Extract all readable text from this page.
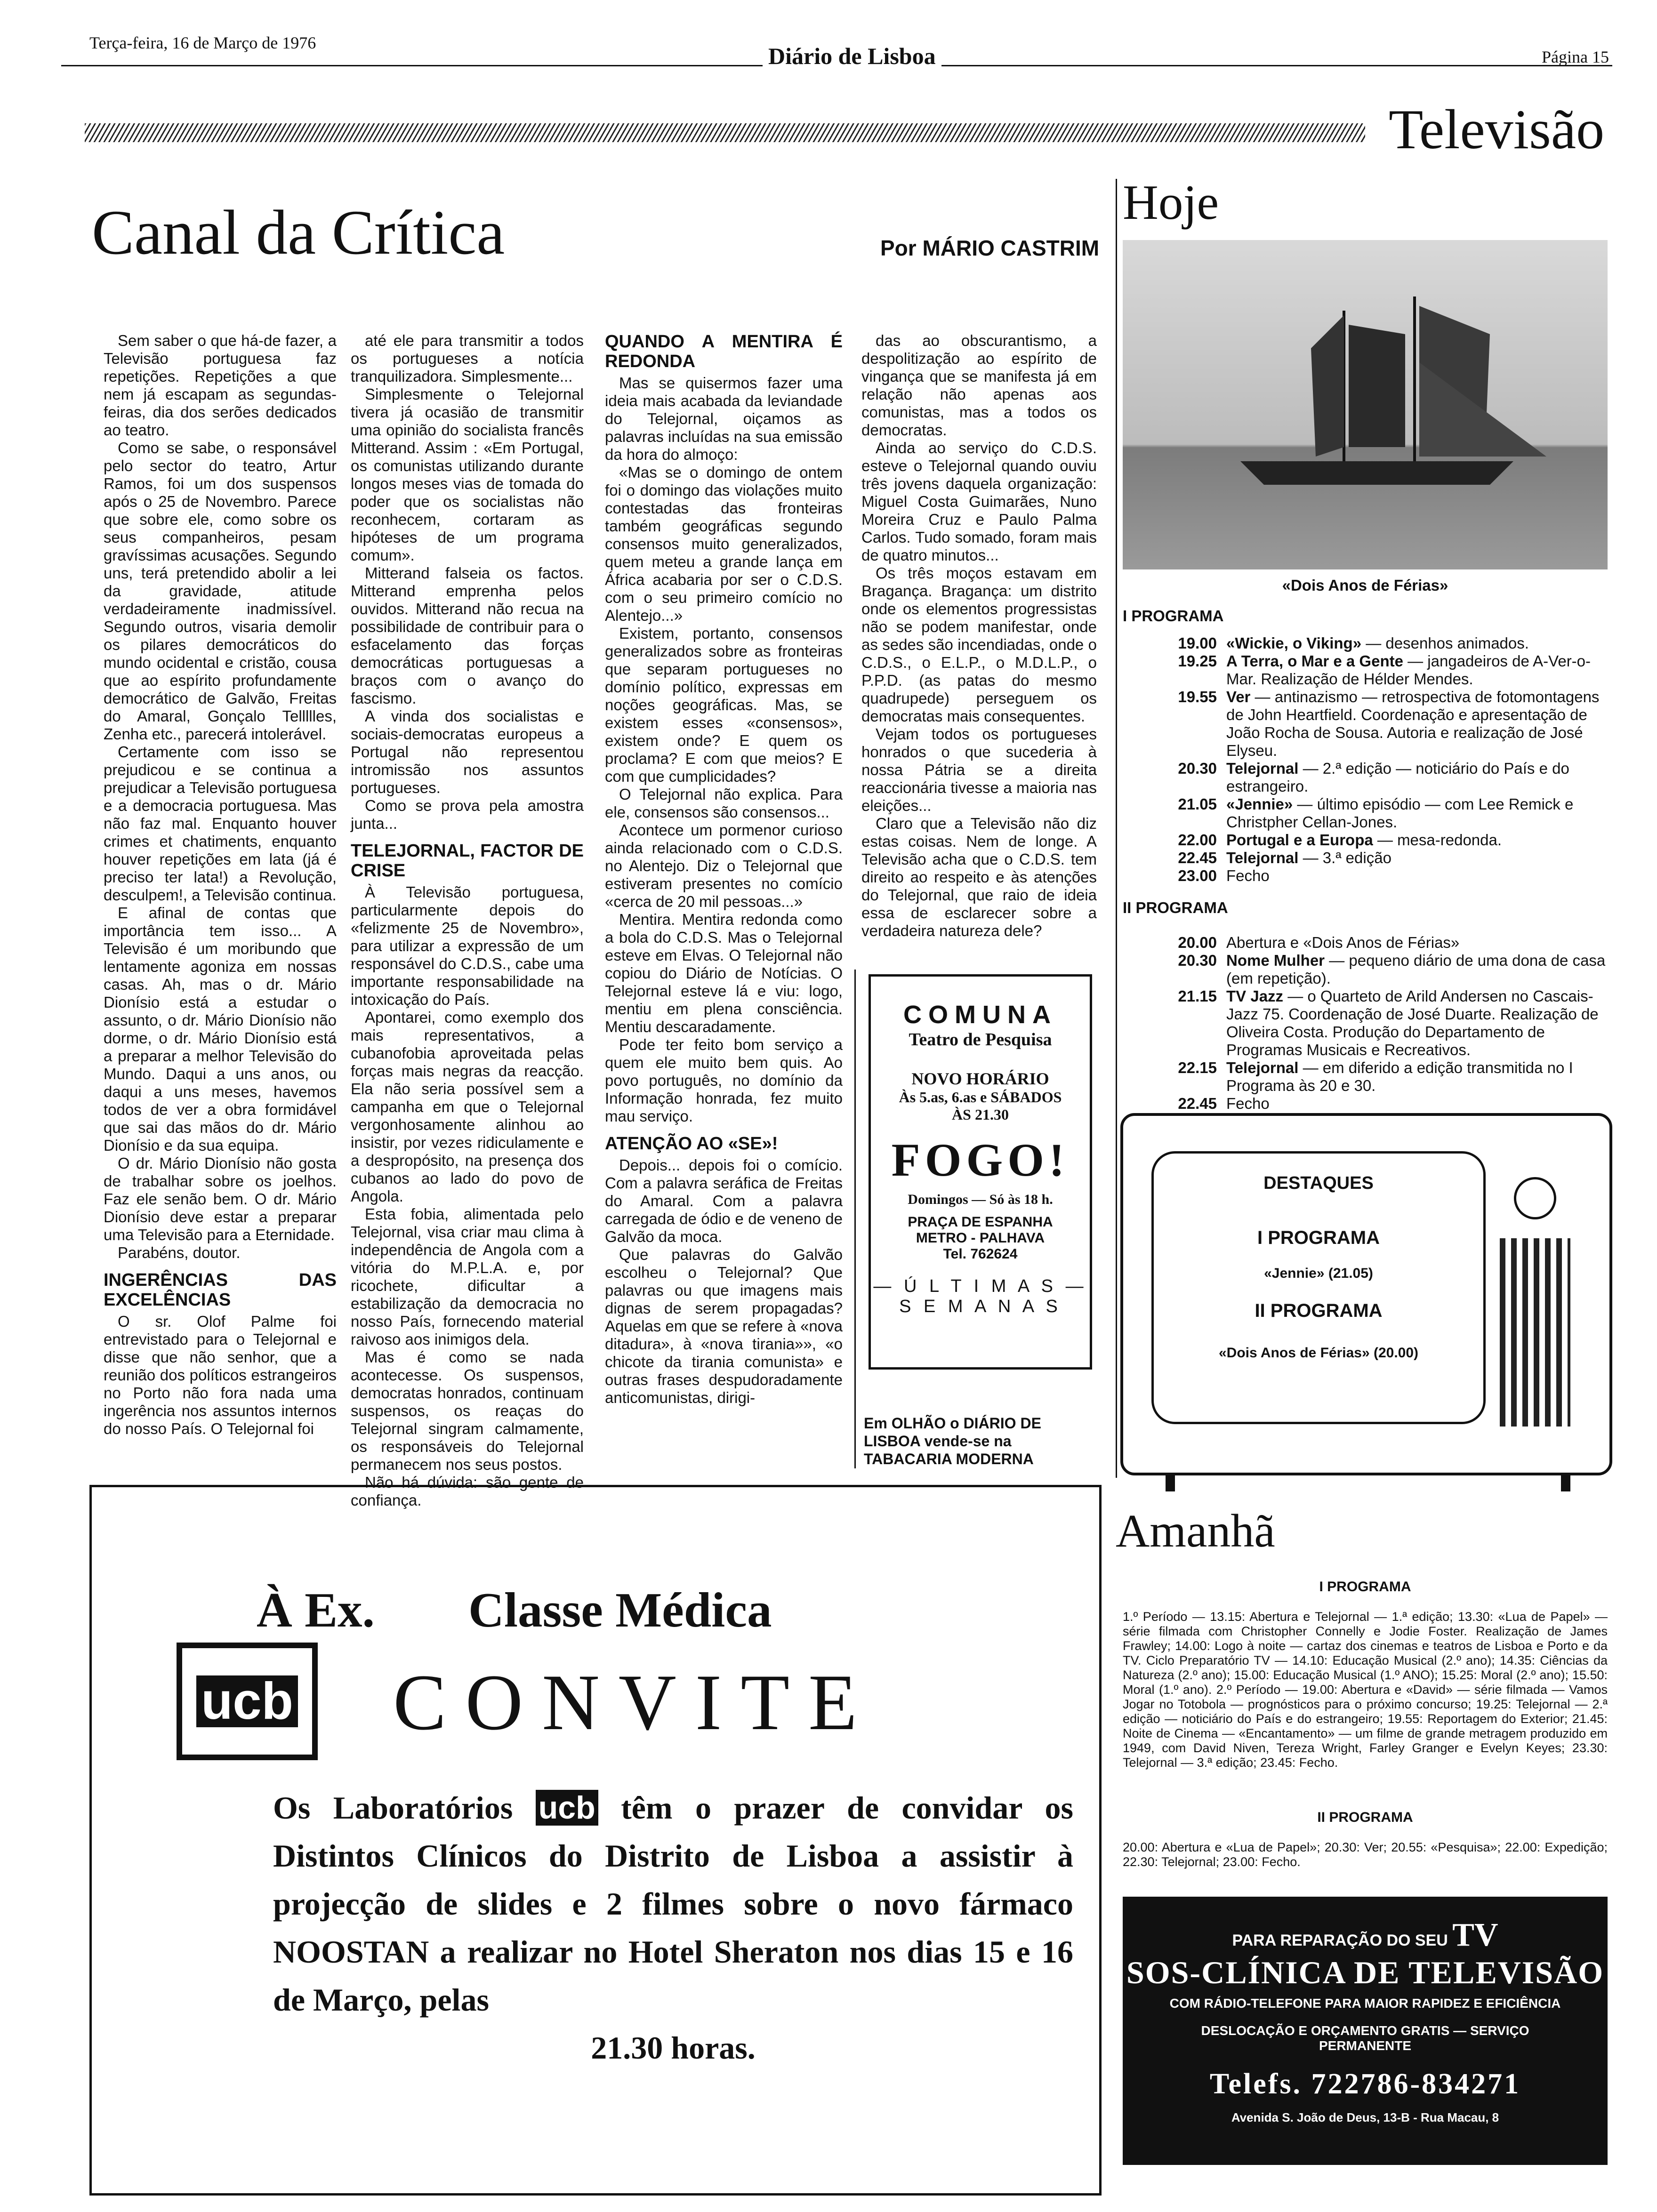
Terça-feira, 16 de Março de 1976	Diário de Lisboa	Página 15
Televisão
Canal da Crítica	Por MÁRIO CASTRIM

Sem saber o que há-de fazer, a Televisão portuguesa faz repetições. Repetições a que nem já escapam as segundas-feiras, dia dos serões dedicados ao teatro.

Como se sabe, o responsável pelo sector do teatro, Artur Ramos, foi um dos suspensos após o 25 de Novembro. Parece que sobre ele, como sobre os seus companheiros, pesam gravíssimas acusações. Segundo uns, terá pretendido abolir a lei da gravidade, atitude verdadeiramente inadmissível. Segundo outros, visaria demolir os pilares democráticos do mundo ocidental e cristão, cousa que ao espírito profundamente democrático de Galvão, Freitas do Amaral, Gonçalo Tellllles, Zenha etc., parecerá intolerável.

Certamente com isso se prejudicou e se continua a prejudicar a Televisão portuguesa e a democracia portuguesa. Mas não faz mal. Enquanto houver crimes et chatiments, enquanto houver repetições em lata (já é preciso ter lata!) a Revolução, desculpem!, a Televisão continua.

E afinal de contas que importância tem isso... A Televisão é um moribundo que lentamente agoniza em nossas casas. Ah, mas o dr. Mário Dionísio está a estudar o assunto, o dr. Mário Dionísio não dorme, o dr. Mário Dionísio está a preparar a melhor Televisão do Mundo. Daqui a uns anos, ou daqui a uns meses, havemos todos de ver a obra formidável que sai das mãos do dr. Mário Dionísio e da sua equipa.

O dr. Mário Dionísio não gosta de trabalhar sobre os joelhos. Faz ele senão bem. O dr. Mário Dionísio deve estar a preparar uma Televisão para a Eternidade.

Parabéns, doutor.

INGERÊNCIAS DAS EXCELÊNCIAS

O sr. Olof Palme foi entrevistado para o Telejornal e disse que não senhor, que a reunião dos políticos estrangeiros no Porto não fora nada uma ingerência nos assuntos internos do nosso País. O Telejornal foi

até ele para transmitir a todos os portugueses a notícia tranquilizadora. Simplesmente...

Simplesmente o Telejornal tivera já ocasião de transmitir uma opinião do socialista francês Mitterand. Assim : «Em Portugal, os comunistas utilizando durante longos meses vias de tomada do poder que os socialistas não reconhecem, cortaram as hipóteses de um programa comum».

Mitterand falseia os factos. Mitterand emprenha pelos ouvidos. Mitterand não recua na possibilidade de contribuir para o esfacelamento das forças democráticas portuguesas a braços com o avanço do fascismo.

A vinda dos socialistas e sociais-democratas europeus a Portugal não representou intromissão nos assuntos portugueses.

Como se prova pela amostra junta...

TELEJORNAL, FACTOR DE CRISE

À Televisão portuguesa, particularmente depois do «felizmente 25 de Novembro», para utilizar a expressão de um responsável do C.D.S., cabe uma importante responsabilidade na intoxicação do País.

Apontarei, como exemplo dos mais representativos, a cubanofobia aproveitada pelas forças mais negras da reacção. Ela não seria possível sem a campanha em que o Telejornal vergonhosamente alinhou ao insistir, por vezes ridiculamente e a despropósito, na presença dos cubanos ao lado do povo de Angola.

Esta fobia, alimentada pelo Telejornal, visa criar mau clima à independência de Angola com a vitória do M.P.L.A. e, por ricochete, dificultar a estabilização da democracia no nosso País, fornecendo material raivoso aos inimigos dela.

Mas é como se nada acontecesse. Os suspensos, democratas honrados, continuam suspensos, os reaças do Telejornal singram calmamente, os responsáveis do Telejornal permanecem nos seus postos.

Não há dúvida: são gente de confiança.

QUANDO A MENTIRA É REDONDA

Mas se quisermos fazer uma ideia mais acabada da leviandade do Telejornal, oiçamos as palavras incluídas na sua emissão da hora do almoço:

«Mas se o domingo de ontem foi o domingo das violações muito contestadas das fronteiras também geográficas segundo consensos muito generalizados, quem meteu a grande lança em África acabaria por ser o C.D.S. com o seu primeiro comício no Alentejo...»

Existem, portanto, consensos generalizados sobre as fronteiras que separam portugueses no domínio político, expressas em noções geográficas. Mas, se existem esses «consensos», existem onde? E quem os proclama? E com que meios? E com que cumplicidades?

O Telejornal não explica. Para ele, consensos são consensos...

Acontece um pormenor curioso ainda relacionado com o C.D.S. no Alentejo. Diz o Telejornal que estiveram presentes no comício «cerca de 20 mil pessoas...»

Mentira. Mentira redonda como a bola do C.D.S. Mas o Telejornal esteve em Elvas. O Telejornal não copiou do Diário de Notícias. O Telejornal esteve lá e viu: logo, mentiu em plena consciência. Mentiu descaradamente.

Pode ter feito bom serviço a quem ele muito bem quis. Ao povo português, no domínio da Informação honrada, fez muito mau serviço.

ATENÇÃO AO «SE»!

Depois... depois foi o comício. Com a palavra seráfica de Freitas do Amaral. Com a palavra carregada de ódio e de veneno de Galvão da moca.

Que palavras do Galvão escolheu o Telejornal? Que palavras ou que imagens mais dignas de serem propagadas? Aquelas em que se refere à «nova ditadura», à «nova tirania»», «o chicote da tirania comunista» e outras frases despudoradamente anticomunistas, dirigi-

das ao obscurantismo, a despolitização ao espírito de vingança que se manifesta já em relação não apenas aos comunistas, mas a todos os democratas.

Ainda ao serviço do C.D.S. esteve o Telejornal quando ouviu três jovens daquela organização: Miguel Costa Guimarães, Nuno Moreira Cruz e Paulo Palma Carlos. Tudo somado, foram mais de quatro minutos...

Os três moços estavam em Bragança. Bragança: um distrito onde os elementos progressistas não se podem manifestar, onde as sedes são incendiadas, onde o C.D.S., o E.L.P., o M.D.L.P., o P.P.D. (as patas do mesmo quadrupede) perseguem os democratas mais consequentes.

Vejam todos os portugueses honrados o que sucederia à nossa Pátria se a direita reaccionária tivesse a maioria nas eleições...

Claro que a Televisão não diz estas coisas. Nem de longe. A Televisão acha que o C.D.S. tem direito ao respeito e às atenções do Telejornal, que raio de ideia essa de esclarecer sobre a verdadeira natureza dele?

COMUNA
Teatro de Pesquisa
NOVO HORÁRIO
Às 5.as, 6.as e SÁBADOS ÀS 21.30
FOGO!
Domingos — Só às 18 h.
PRAÇA DE ESPANHA
METRO - PALHAVA
Tel. 762624
— Ú L T I M A S —
S E M A N A S
Em OLHÃO o DIÁRIO DE LISBOA vende-se na TABACARIA MODERNA
Hoje
«Dois Anos de Férias»
I PROGRAMA
19.00 «Wickie, o Viking» — desenhos animados.
19.25 A Terra, o Mar e a Gente — jangadeiros de A-Ver-o-Mar. Realização de Hélder Mendes.
19.55 Ver — antinazismo — retrospectiva de fotomontagens de John Heartfield. Coordenação e apresentação de João Rocha de Sousa. Autoria e realização de José Elyseu.
20.30 Telejornal — 2.ª edição — noticiário do País e do estrangeiro.
21.05 «Jennie» — último episódio — com Lee Remick e Christpher Cellan-Jones.
22.00 Portugal e a Europa — mesa-redonda.
22.45 Telejornal — 3.ª edição
23.00 Fecho
II PROGRAMA
20.00 Abertura e «Dois Anos de Férias»
20.30 Nome Mulher — pequeno diário de uma dona de casa (em repetição).
21.15 TV Jazz — o Quarteto de Arild Andersen no Cascais-Jazz 75. Coordenação de José Duarte. Realização de Oliveira Costa. Produção do Departamento de Programas Musicais e Recreativos.
22.15 Telejornal — em diferido a edição transmitida no I Programa às 20 e 30.
22.45 Fecho
DESTAQUES
I PROGRAMA
«Jennie» (21.05)
II PROGRAMA
«Dois Anos de Férias» (20.00)
Amanhã
I PROGRAMA
1.º Período — 13.15: Abertura e Telejornal — 1.ª edição; 13.30: «Lua de Papel» — série filmada com Christopher Connelly e Jodie Foster. Realização de James Frawley; 14.00: Logo à noite — cartaz dos cinemas e teatros de Lisboa e Porto e da TV. Ciclo Preparatório TV — 14.10: Educação Musical (2.º ano); 14.35: Ciências da Natureza (2.º ano); 15.00: Educação Musical (1.º ANO); 15.25: Moral (2.º ano); 15.50: Moral (1.º ano). 2.º Período — 19.00: Abertura e «David» — série filmada — Vamos Jogar no Totobola — prognósticos para o próximo concurso; 19.25: Telejornal — 2.ª edição — noticiário do País e do estrangeiro; 19.55: Reportagem do Exterior; 21.45: Noite de Cinema — «Encantamento» — um filme de grande metragem produzido em 1949, com David Niven, Tereza Wright, Farley Granger e Evelyn Keyes; 23.30: Telejornal — 3.ª edição; 23.45: Fecho.
II PROGRAMA
20.00: Abertura e «Lua de Papel»; 20.30: Ver; 20.55: «Pesquisa»; 22.00: Expedição; 22.30: Telejornal; 23.00: Fecho.
PARA REPARAÇÃO DO SEU TV
SOS-CLÍNICA DE TELEVISÃO
COM RÁDIO-TELEFONE PARA MAIOR RAPIDEZ E EFICIÊNCIA
DESLOCAÇÃO E ORÇAMENTO GRATIS — SERVIÇO PERMANENTE
Telefs. 722786-834271
Avenida S. João de Deus, 13-B - Rua Macau, 8
À Ex. Classe Médica
ucb CONVITE
Os Laboratórios ucb têm o prazer de convidar os Distintos Clínicos do Distrito de Lisboa a assistir à projecção de slides e 2 filmes sobre o novo fármaco NOOSTAN a realizar no Hotel Sheraton nos dias 15 e 16 de Março, pelas
21.30 horas.
